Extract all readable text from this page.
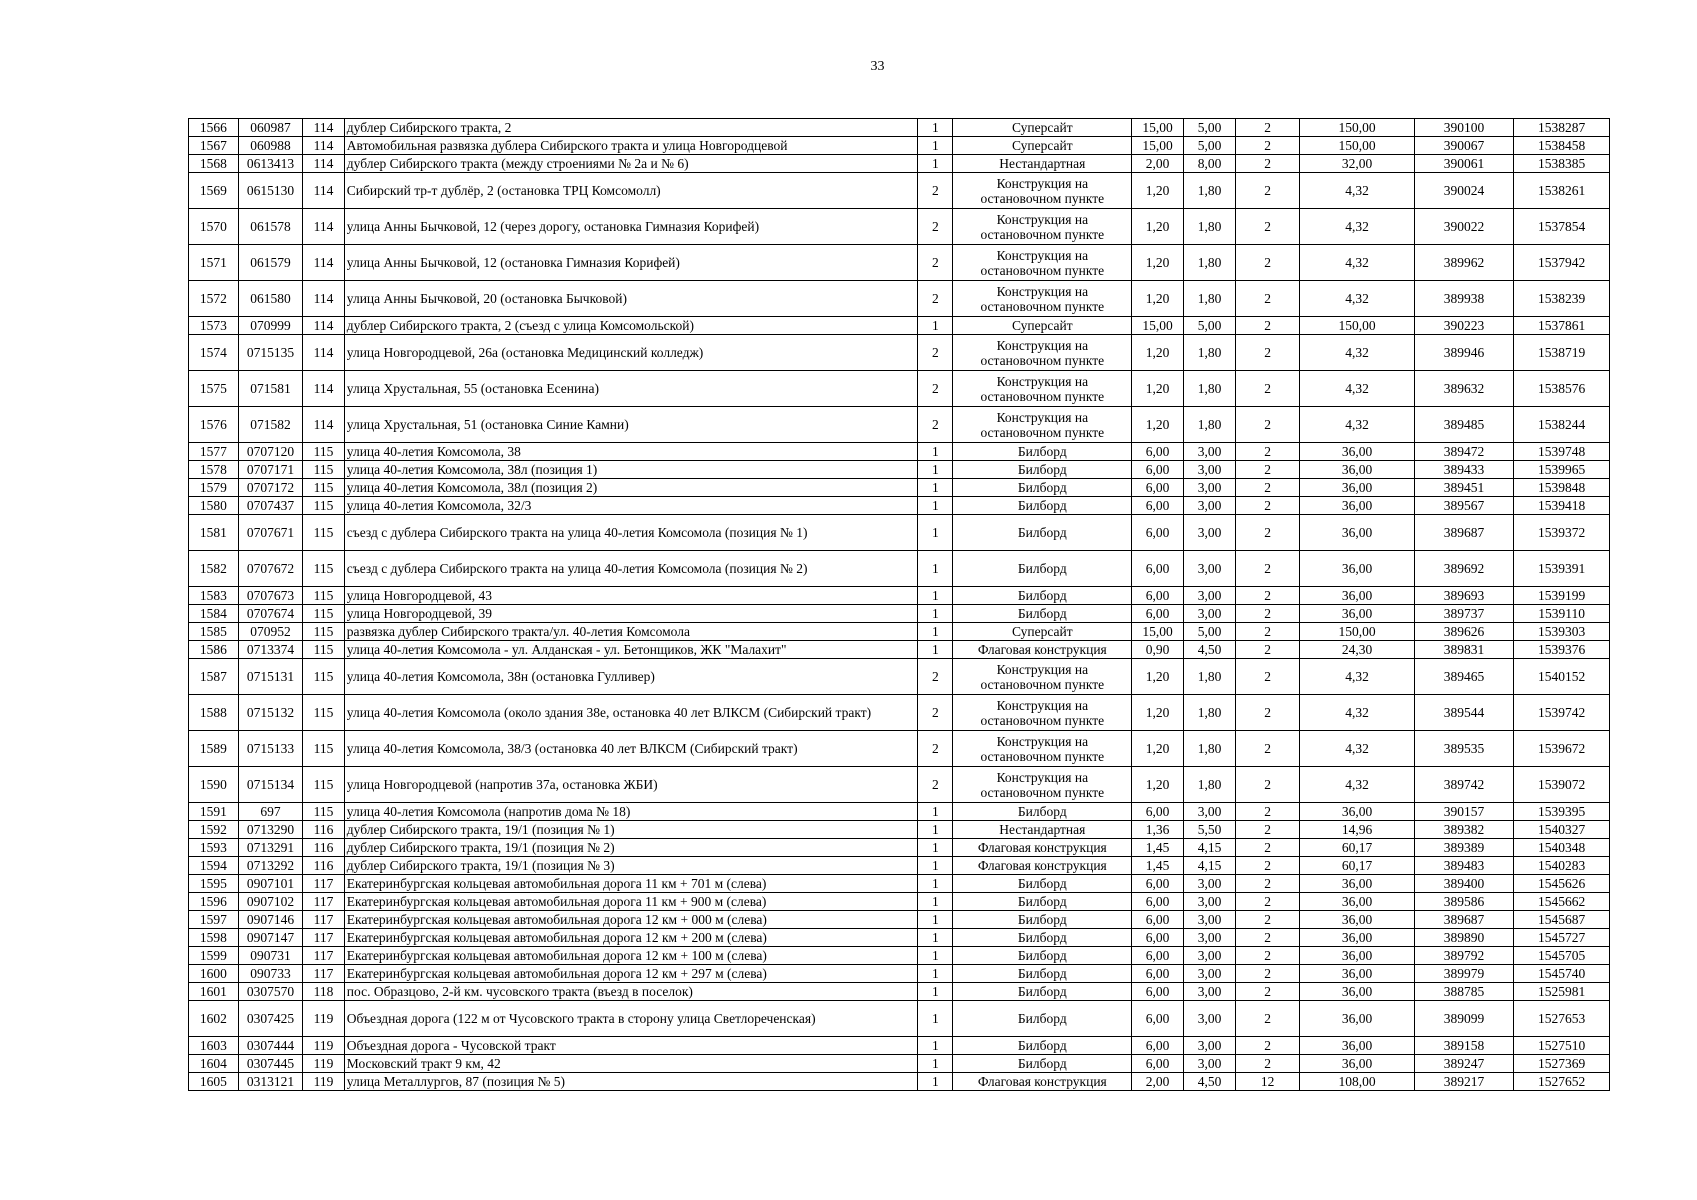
33
1566	060987	114	дублер Сибирского тракта, 2	1	Суперсайт	15,00	5,00	2	150,00	390100	1538287
1567	060988	114	Автомобильная развязка дублера Сибирского тракта и улица Новгородцевой	1	Суперсайт	15,00	5,00	2	150,00	390067	1538458
1568	0613413	114	дублер Сибирского тракта (между строениями № 2а и № 6)	1	Нестандартная	2,00	8,00	2	32,00	390061	1538385
1569	0615130	114	Сибирский тр-т дублёр, 2 (остановка ТРЦ Комсомолл)	2	Конструкция на остановочном пункте	1,20	1,80	2	4,32	390024	1538261
1570	061578	114	улица Анны Бычковой, 12 (через дорогу, остановка Гимназия Корифей)	2	Конструкция на остановочном пункте	1,20	1,80	2	4,32	390022	1537854
1571	061579	114	улица Анны Бычковой, 12 (остановка Гимназия Корифей)	2	Конструкция на остановочном пункте	1,20	1,80	2	4,32	389962	1537942
1572	061580	114	улица Анны Бычковой, 20 (остановка Бычковой)	2	Конструкция на остановочном пункте	1,20	1,80	2	4,32	389938	1538239
1573	070999	114	дублер Сибирского тракта, 2 (съезд с улица Комсомольской)	1	Суперсайт	15,00	5,00	2	150,00	390223	1537861
1574	0715135	114	улица Новгородцевой, 26а (остановка Медицинский колледж)	2	Конструкция на остановочном пункте	1,20	1,80	2	4,32	389946	1538719
1575	071581	114	улица Хрустальная, 55 (остановка Есенина)	2	Конструкция на остановочном пункте	1,20	1,80	2	4,32	389632	1538576
1576	071582	114	улица Хрустальная, 51 (остановка Синие Камни)	2	Конструкция на остановочном пункте	1,20	1,80	2	4,32	389485	1538244
1577	0707120	115	улица 40-летия Комсомола, 38	1	Билборд	6,00	3,00	2	36,00	389472	1539748
1578	0707171	115	улица 40-летия Комсомола, 38л (позиция 1)	1	Билборд	6,00	3,00	2	36,00	389433	1539965
1579	0707172	115	улица 40-летия Комсомола, 38л (позиция 2)	1	Билборд	6,00	3,00	2	36,00	389451	1539848
1580	0707437	115	улица 40-летия Комсомола, 32/3	1	Билборд	6,00	3,00	2	36,00	389567	1539418
1581	0707671	115	съезд с дублера Сибирского тракта на улица 40-летия Комсомола (позиция № 1)	1	Билборд	6,00	3,00	2	36,00	389687	1539372
1582	0707672	115	съезд с дублера Сибирского тракта на улица 40-летия Комсомола (позиция № 2)	1	Билборд	6,00	3,00	2	36,00	389692	1539391
1583	0707673	115	улица Новгородцевой, 43	1	Билборд	6,00	3,00	2	36,00	389693	1539199
1584	0707674	115	улица Новгородцевой, 39	1	Билборд	6,00	3,00	2	36,00	389737	1539110
1585	070952	115	развязка дублер Сибирского тракта/ул. 40-летия Комсомола	1	Суперсайт	15,00	5,00	2	150,00	389626	1539303
1586	0713374	115	улица 40-летия Комсомола - ул. Алданская - ул. Бетонщиков, ЖК "Малахит"	1	Флаговая конструкция	0,90	4,50	2	24,30	389831	1539376
1587	0715131	115	улица 40-летия Комсомола, 38н (остановка Гулливер)	2	Конструкция на остановочном пункте	1,20	1,80	2	4,32	389465	1540152
1588	0715132	115	улица 40-летия Комсомола (около здания 38е, остановка 40 лет ВЛКСМ (Сибирский тракт)	2	Конструкция на остановочном пункте	1,20	1,80	2	4,32	389544	1539742
1589	0715133	115	улица 40-летия Комсомола, 38/3 (остановка 40 лет ВЛКСМ (Сибирский тракт)	2	Конструкция на остановочном пункте	1,20	1,80	2	4,32	389535	1539672
1590	0715134	115	улица Новгородцевой (напротив 37а, остановка ЖБИ)	2	Конструкция на остановочном пункте	1,20	1,80	2	4,32	389742	1539072
1591	697	115	улица 40-летия Комсомола (напротив дома № 18)	1	Билборд	6,00	3,00	2	36,00	390157	1539395
1592	0713290	116	дублер Сибирского тракта, 19/1 (позиция № 1)	1	Нестандартная	1,36	5,50	2	14,96	389382	1540327
1593	0713291	116	дублер Сибирского тракта, 19/1 (позиция № 2)	1	Флаговая конструкция	1,45	4,15	2	60,17	389389	1540348
1594	0713292	116	дублер Сибирского тракта, 19/1 (позиция № 3)	1	Флаговая конструкция	1,45	4,15	2	60,17	389483	1540283
1595	0907101	117	Екатеринбургская кольцевая автомобильная дорога 11 км + 701 м (слева)	1	Билборд	6,00	3,00	2	36,00	389400	1545626
1596	0907102	117	Екатеринбургская кольцевая автомобильная дорога 11 км + 900 м (слева)	1	Билборд	6,00	3,00	2	36,00	389586	1545662
1597	0907146	117	Екатеринбургская кольцевая автомобильная дорога 12 км + 000 м (слева)	1	Билборд	6,00	3,00	2	36,00	389687	1545687
1598	0907147	117	Екатеринбургская кольцевая автомобильная дорога 12 км + 200 м (слева)	1	Билборд	6,00	3,00	2	36,00	389890	1545727
1599	090731	117	Екатеринбургская кольцевая автомобильная дорога 12 км + 100 м (слева)	1	Билборд	6,00	3,00	2	36,00	389792	1545705
1600	090733	117	Екатеринбургская кольцевая автомобильная дорога 12 км + 297 м (слева)	1	Билборд	6,00	3,00	2	36,00	389979	1545740
1601	0307570	118	пос. Образцово, 2-й км. чусовского тракта (въезд в поселок)	1	Билборд	6,00	3,00	2	36,00	388785	1525981
1602	0307425	119	Объездная дорога (122 м от Чусовского тракта в сторону улица Светлореченская)	1	Билборд	6,00	3,00	2	36,00	389099	1527653
1603	0307444	119	Объездная дорога - Чусовской тракт	1	Билборд	6,00	3,00	2	36,00	389158	1527510
1604	0307445	119	Московский тракт 9 км, 42	1	Билборд	6,00	3,00	2	36,00	389247	1527369
1605	0313121	119	улица Металлургов, 87 (позиция № 5)	1	Флаговая конструкция	2,00	4,50	12	108,00	389217	1527652
